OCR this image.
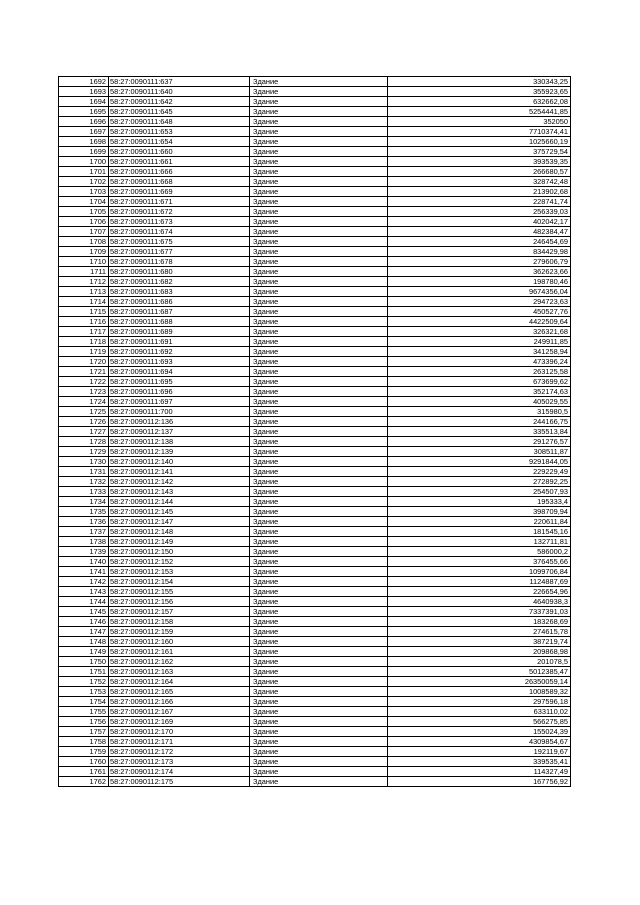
1692	58:27:0090111:637	Здание	330343,25
1693	58:27:0090111:640	Здание	355923,65
1694	58:27:0090111:642	Здание	632662,08
1695	58:27:0090111:645	Здание	5254441,85
1696	58:27:0090111:648	Здание	352050
1697	58:27:0090111:653	Здание	7710374,41
1698	58:27:0090111:654	Здание	1025660,19
1699	58:27:0090111:660	Здание	375729,54
1700	58:27:0090111:661	Здание	393539,35
1701	58:27:0090111:666	Здание	266680,57
1702	58:27:0090111:668	Здание	328742,48
1703	58:27:0090111:669	Здание	213902,68
1704	58:27:0090111:671	Здание	228741,74
1705	58:27:0090111:672	Здание	256339,03
1706	58:27:0090111:673	Здание	402042,17
1707	58:27:0090111:674	Здание	482384,47
1708	58:27:0090111:675	Здание	246454,69
1709	58:27:0090111:677	Здание	834429,98
1710	58:27:0090111:678	Здание	279606,79
1711	58:27:0090111:680	Здание	362623,66
1712	58:27:0090111:682	Здание	198780,46
1713	58:27:0090111:683	Здание	9674356,04
1714	58:27:0090111:686	Здание	294723,63
1715	58:27:0090111:687	Здание	450527,76
1716	58:27:0090111:688	Здание	4422509,64
1717	58:27:0090111:689	Здание	326321,68
1718	58:27:0090111:691	Здание	249911,85
1719	58:27:0090111:692	Здание	341258,94
1720	58:27:0090111:693	Здание	473396,24
1721	58:27:0090111:694	Здание	263125,58
1722	58:27:0090111:695	Здание	673699,62
1723	58:27:0090111:696	Здание	352174,63
1724	58:27:0090111:697	Здание	405029,55
1725	58:27:0090111:700	Здание	315980,5
1726	58:27:0090112:136	Здание	244166,75
1727	58:27:0090112:137	Здание	335513,84
1728	58:27:0090112:138	Здание	291276,57
1729	58:27:0090112:139	Здание	308511,87
1730	58:27:0090112:140	Здание	9291844,05
1731	58:27:0090112:141	Здание	229229,49
1732	58:27:0090112:142	Здание	272892,25
1733	58:27:0090112:143	Здание	254507,93
1734	58:27:0090112:144	Здание	195333,4
1735	58:27:0090112:145	Здание	398709,94
1736	58:27:0090112:147	Здание	220611,84
1737	58:27:0090112:148	Здание	181545,16
1738	58:27:0090112:149	Здание	132711,81
1739	58:27:0090112:150	Здание	586000,2
1740	58:27:0090112:152	Здание	376455,66
1741	58:27:0090112:153	Здание	1099706,84
1742	58:27:0090112:154	Здание	1124887,69
1743	58:27:0090112:155	Здание	226654,96
1744	58:27:0090112:156	Здание	4640938,3
1745	58:27:0090112:157	Здание	7337391,03
1746	58:27:0090112:158	Здание	183268,69
1747	58:27:0090112:159	Здание	274615,78
1748	58:27:0090112:160	Здание	387219,74
1749	58:27:0090112:161	Здание	209868,98
1750	58:27:0090112:162	Здание	201078,5
1751	58:27:0090112:163	Здание	5012385,47
1752	58:27:0090112:164	Здание	26350059,14
1753	58:27:0090112:165	Здание	1008589,32
1754	58:27:0090112:166	Здание	297596,18
1755	58:27:0090112:167	Здание	633110,02
1756	58:27:0090112:169	Здание	566275,85
1757	58:27:0090112:170	Здание	155024,39
1758	58:27:0090112:171	Здание	4309854,67
1759	58:27:0090112:172	Здание	192119,67
1760	58:27:0090112:173	Здание	339535,41
1761	58:27:0090112:174	Здание	114327,49
1762	58:27:0090112:175	Здание	167756,92
